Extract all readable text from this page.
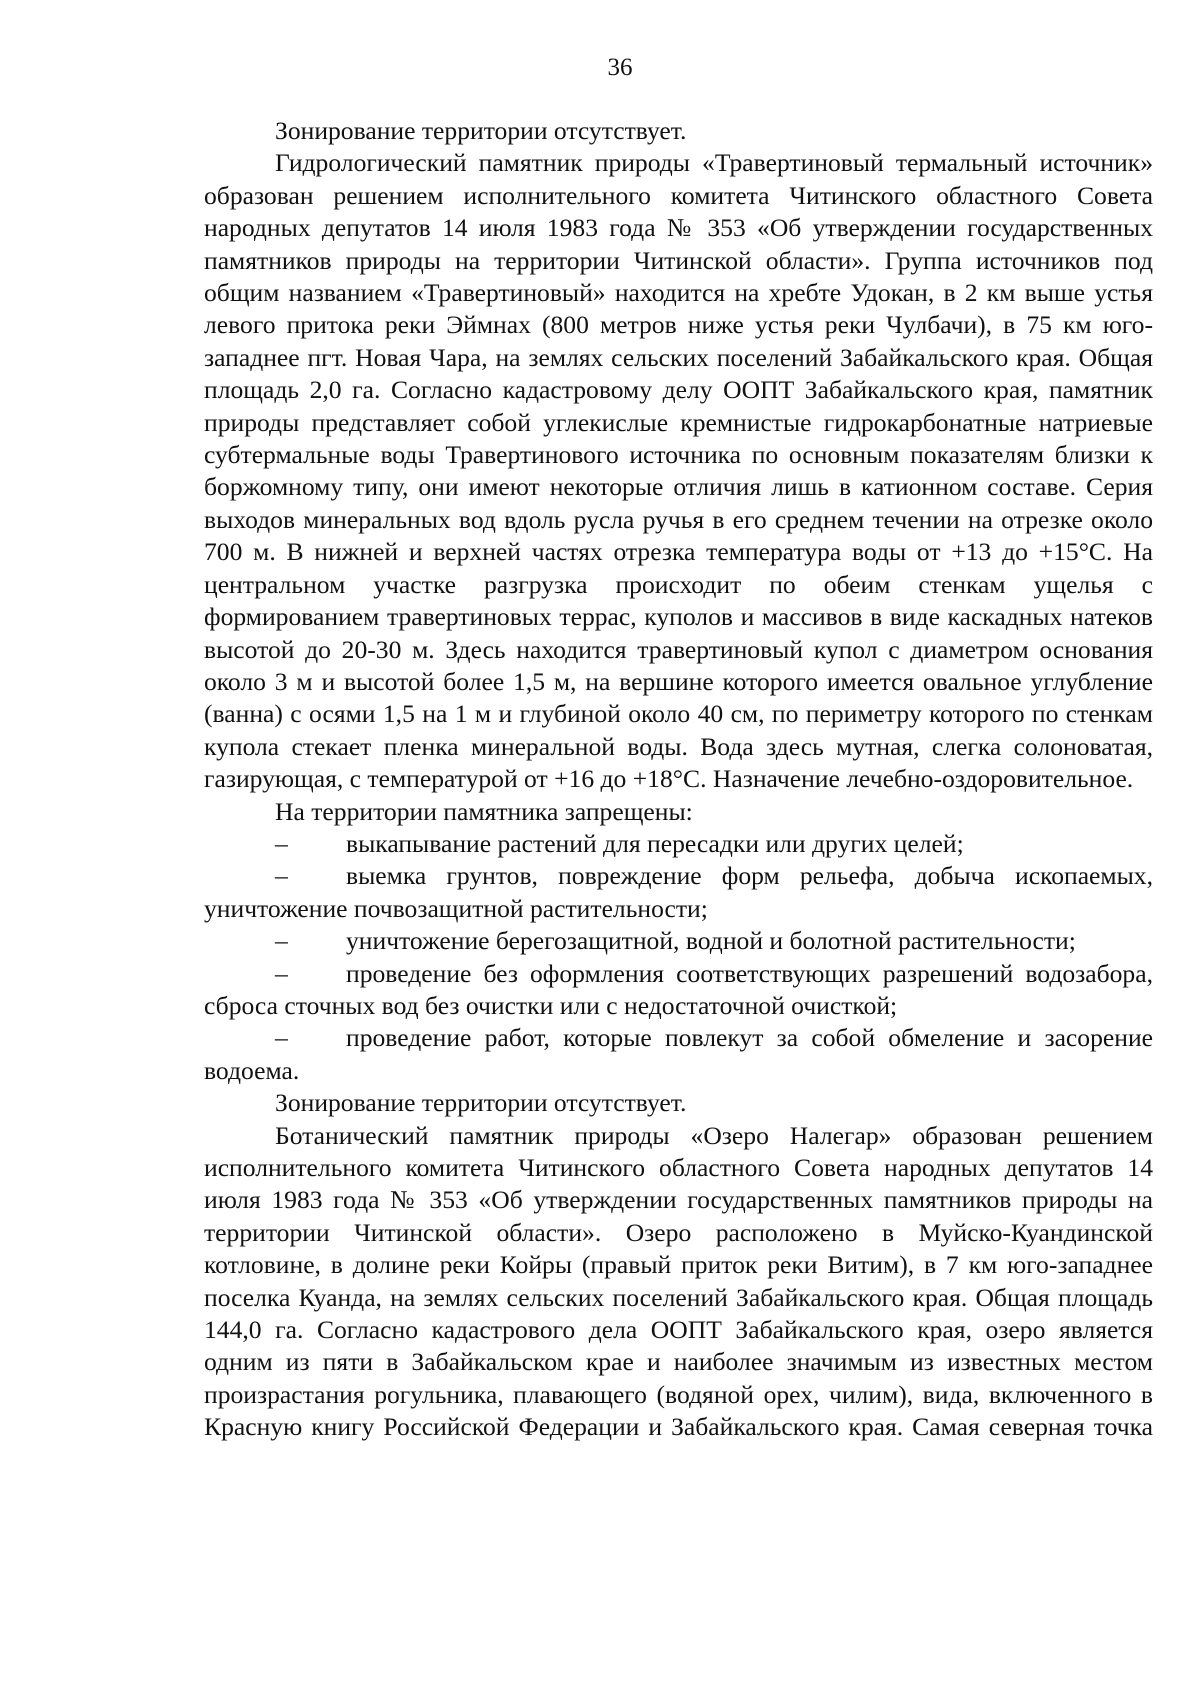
36

Зонирование территории отсутствует.

Гидрологический памятник природы «Травертиновый термальный источник» образован решением исполнительного комитета Читинского областного Совета народных депутатов 14 июля 1983 года № 353 «Об утверждении государственных памятников природы на территории Читинской области». Группа источников под общим названием «Травертиновый» находится на хребте Удокан, в 2 км выше устья левого притока реки Эймнах (800 метров ниже устья реки Чулбачи), в 75 км юго-западнее пгт. Новая Чара, на землях сельских поселений Забайкальского края. Общая площадь 2,0 га. Согласно кадастровому делу ООПТ Забайкальского края, памятник природы представляет собой углекислые кремнистые гидрокарбонатные натриевые субтермальные воды Травертинового источника по основным показателям близки к боржомному типу, они имеют некоторые отличия лишь в катионном составе. Серия выходов минеральных вод вдоль русла ручья в его среднем течении на отрезке около 700 м. В нижней и верхней частях отрезка температура воды от +13 до +15°С. На центральном участке разгрузка происходит по обеим стенкам ущелья с формированием травертиновых террас, куполов и массивов в виде каскадных натеков высотой до 20-30 м. Здесь находится травертиновый купол с диаметром основания около 3 м и высотой более 1,5 м, на вершине которого имеется овальное углубление (ванна) с осями 1,5 на 1 м и глубиной около 40 см, по периметру которого по стенкам купола стекает пленка минеральной воды. Вода здесь мутная, слегка солоноватая, газирующая, с температурой от +16 до +18°С. Назначение лечебно-оздоровительное.

На территории памятника запрещены:

– выкапывание растений для пересадки или других целей;

– выемка грунтов, повреждение форм рельефа, добыча ископаемых, уничтожение почвозащитной растительности;

– уничтожение берегозащитной, водной и болотной растительности;

– проведение без оформления соответствующих разрешений водозабора, сброса сточных вод без очистки или с недостаточной очисткой;

– проведение работ, которые повлекут за собой обмеление и засорение водоема.

Зонирование территории отсутствует.

Ботанический памятник природы «Озеро Налегар» образован решением исполнительного комитета Читинского областного Совета народных депутатов 14 июля 1983 года № 353 «Об утверждении государственных памятников природы на территории Читинской области». Озеро расположено в Муйско-Куандинской котловине, в долине реки Койры (правый приток реки Витим), в 7 км юго-западнее поселка Куанда, на землях сельских поселений Забайкальского края. Общая площадь 144,0 га. Согласно кадастрового дела ООПТ Забайкальского края, озеро является одним из пяти в Забайкальском крае и наиболее значимым из известных местом произрастания рогульника, плавающего (водяной орех, чилим), вида, включенного в Красную книгу Российской Федерации и Забайкальского края. Самая северная точка
